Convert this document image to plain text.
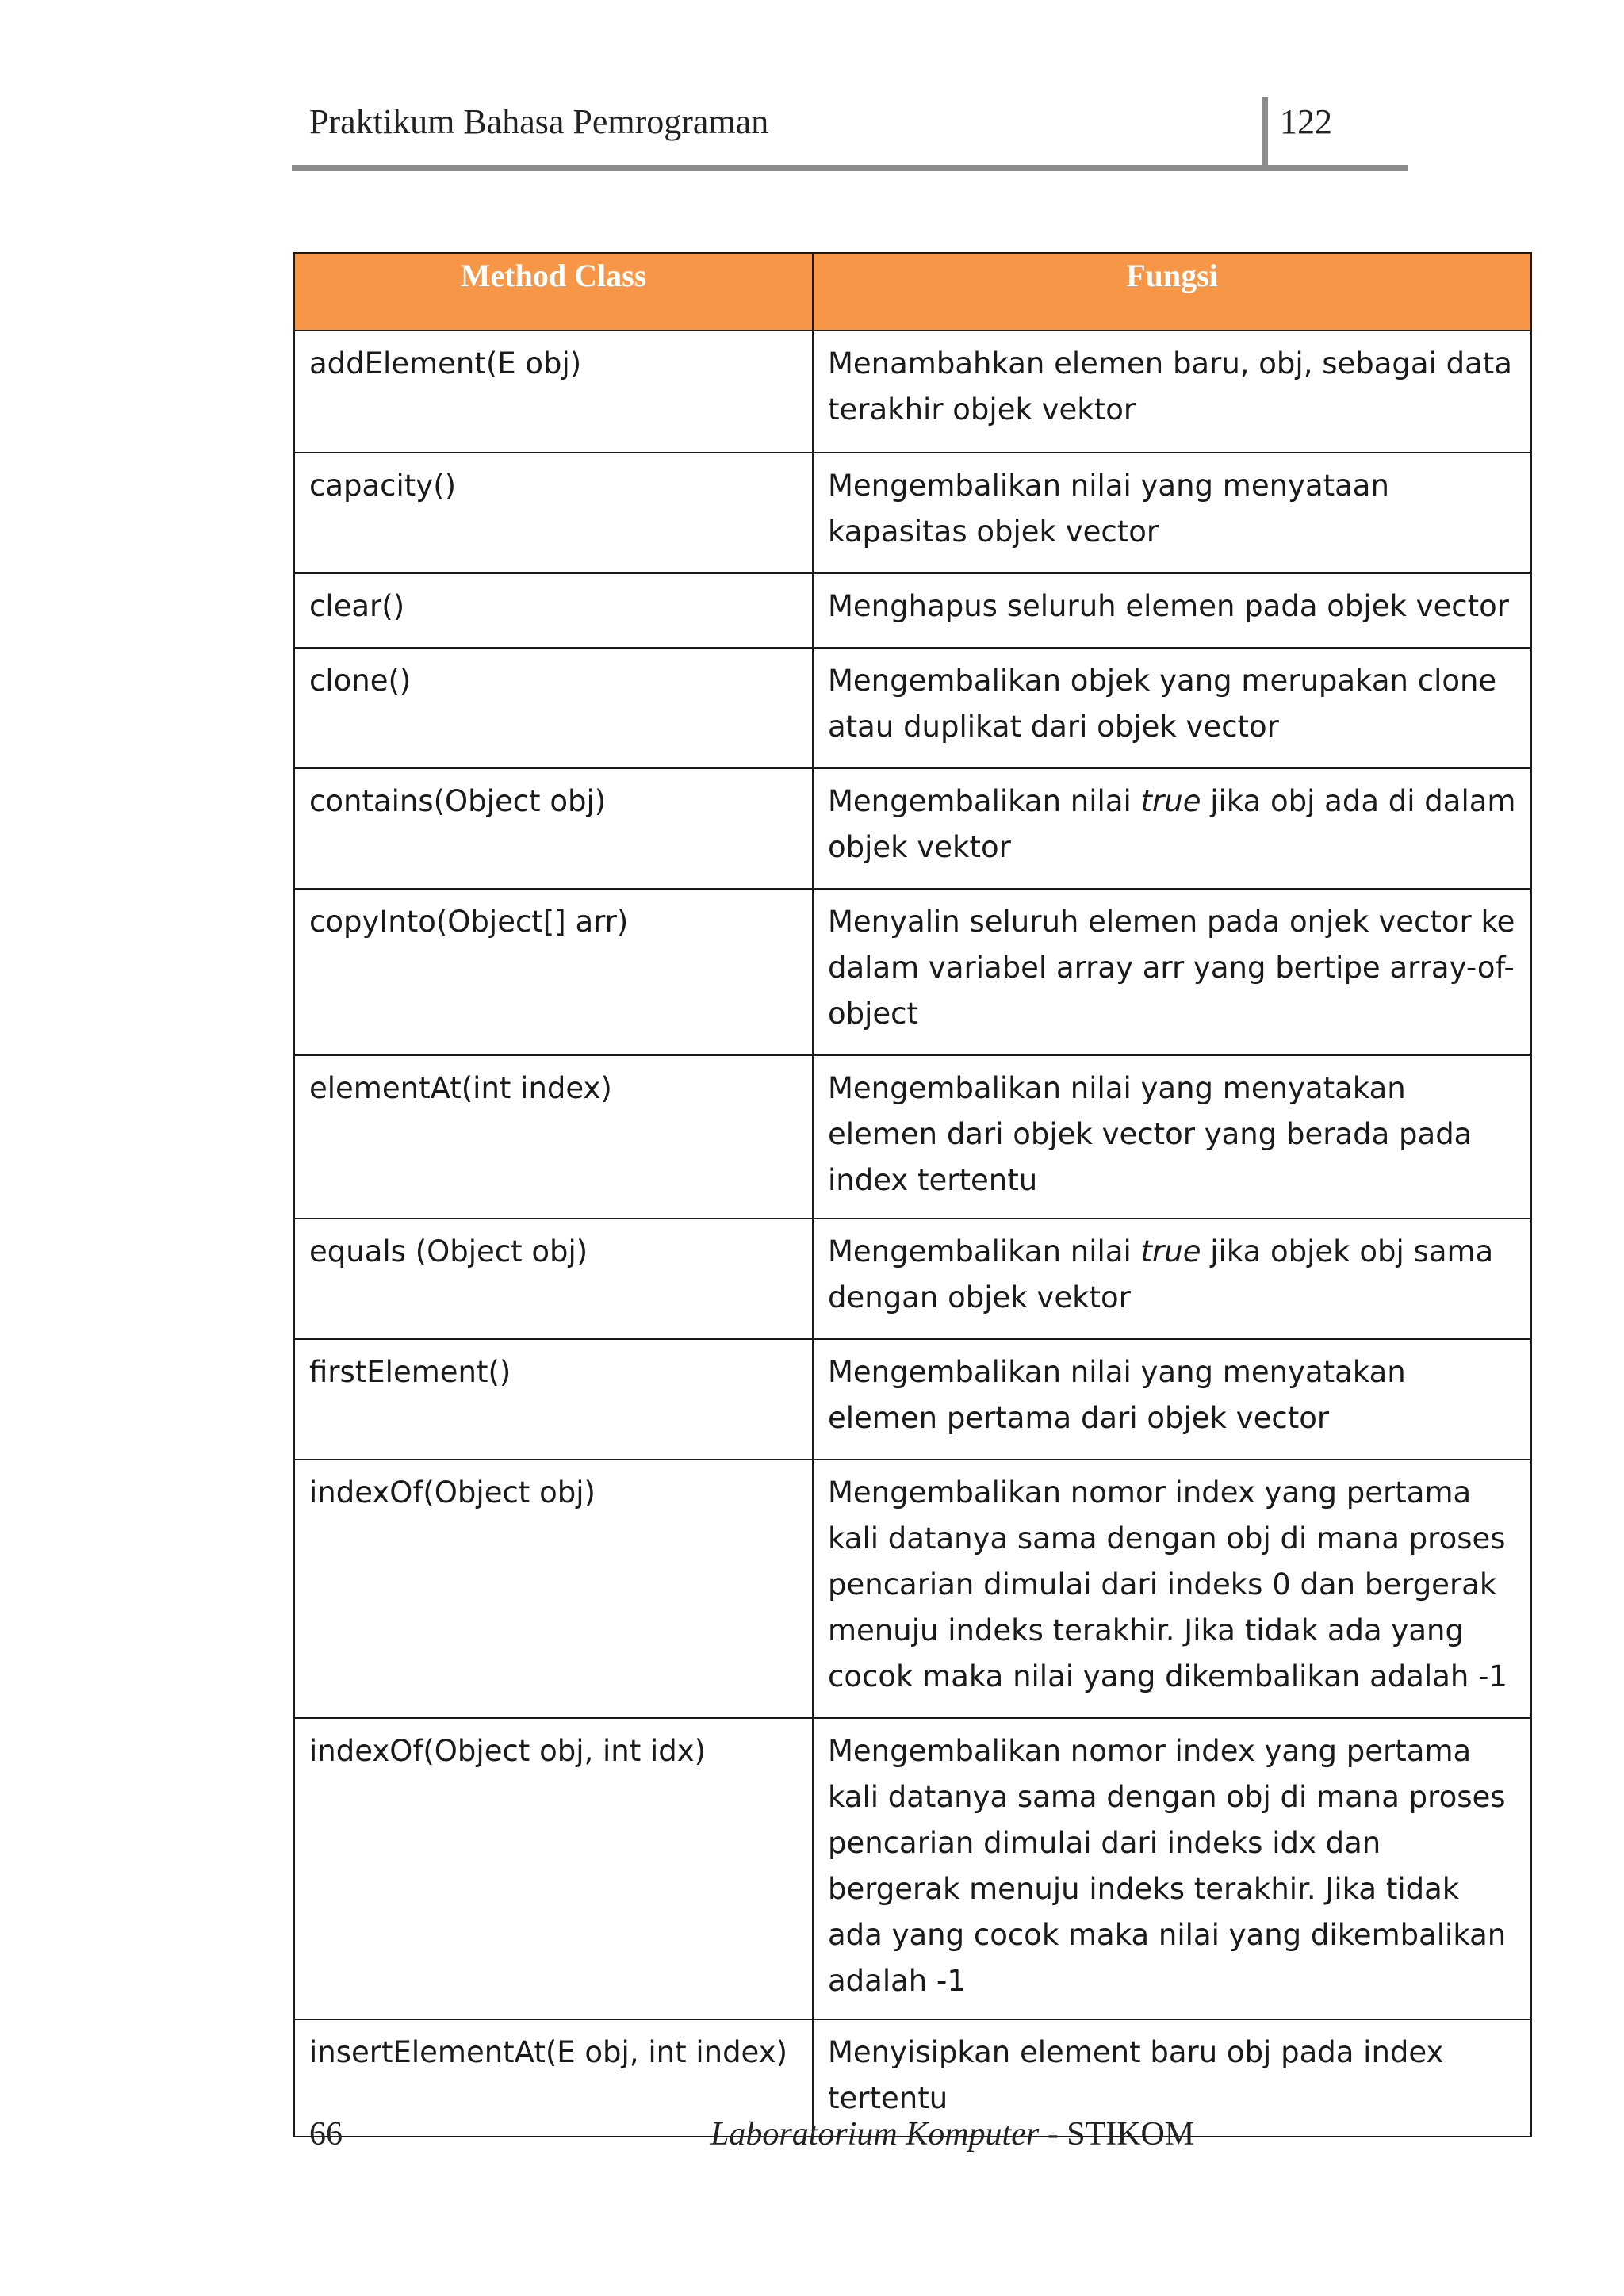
Praktikum Bahasa Pemrograman	122
Method Class	Fungsi
addElement(E obj)	Menambahkan elemen baru, obj, sebagai data terakhir objek vektor
capacity()	Mengembalikan nilai yang menyataan kapasitas objek vector
clear()	Menghapus seluruh elemen pada objek vector
clone()	Mengembalikan objek yang merupakan clone atau duplikat dari objek vector
contains(Object obj)	Mengembalikan nilai true jika obj ada di dalam objek vektor
copyInto(Object[] arr)	Menyalin seluruh elemen pada onjek vector ke dalam variabel array arr yang bertipe array-of-object
elementAt(int index)	Mengembalikan nilai yang menyatakan elemen dari objek vector yang berada pada index tertentu
equals (Object obj)	Mengembalikan nilai true jika objek obj sama dengan objek vektor
firstElement()	Mengembalikan nilai yang menyatakan elemen pertama dari objek vector
indexOf(Object obj)	Mengembalikan nomor index yang pertama kali datanya sama dengan obj di mana proses pencarian dimulai dari indeks 0 dan bergerak menuju indeks terakhir. Jika tidak ada yang cocok maka nilai yang dikembalikan adalah -1
indexOf(Object obj, int idx)	Mengembalikan nomor index yang pertama kali datanya sama dengan obj di mana proses pencarian dimulai dari indeks idx dan bergerak menuju indeks terakhir. Jika tidak ada yang cocok maka nilai yang dikembalikan adalah -1
insertElementAt(E obj, int index)	Menyisipkan element baru obj pada index tertentu
66	Laboratorium Komputer - STIKOM
